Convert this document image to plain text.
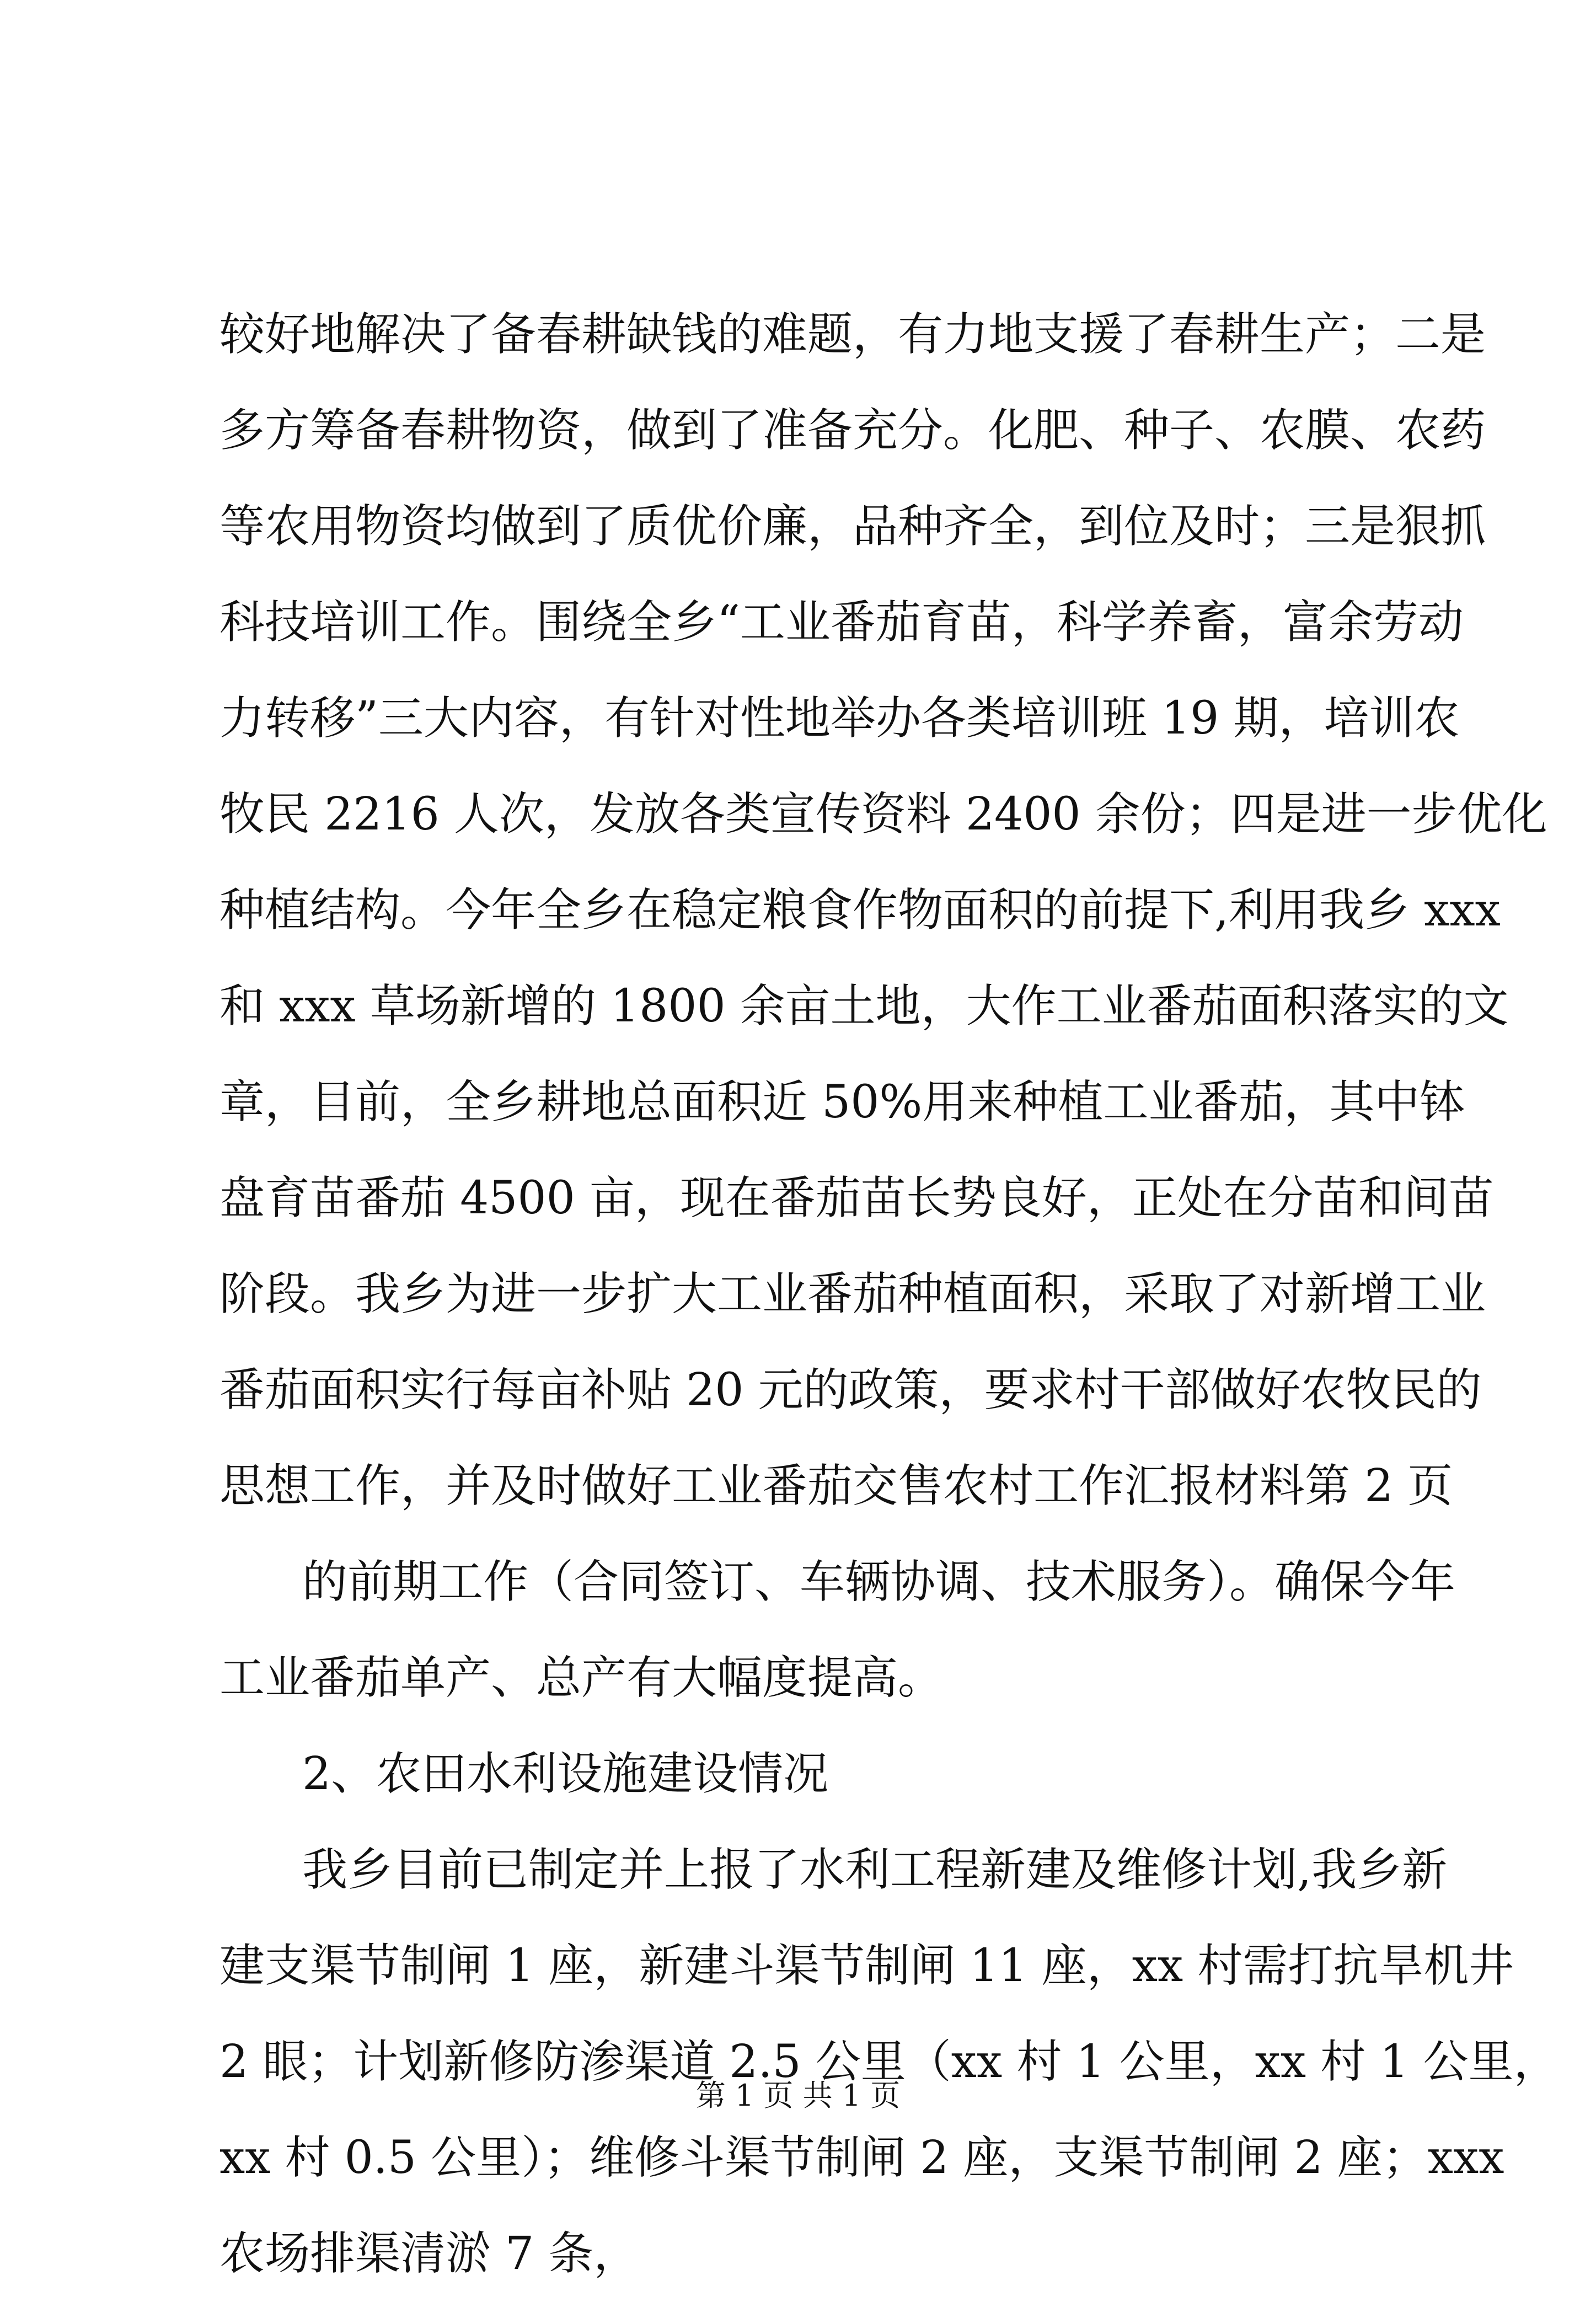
较好地解决了备春耕缺钱的难题，有力地支援了春耕生产；二是
多方筹备春耕物资，做到了准备充分。化肥、种子、农膜、农药
等农用物资均做到了质优价廉，品种齐全，到位及时；三是狠抓
科技培训工作。围绕全乡“工业番茄育苗，科学养畜，富余劳动
力转移”三大内容，有针对性地举办各类培训班 19 期，培训农
牧民 2216 人次，发放各类宣传资料 2400 余份；四是进一步优化
种植结构。今年全乡在稳定粮食作物面积的前提下,利用我乡 xxx
和 xxx 草场新增的 1800 余亩土地，大作工业番茄面积落实的文
章，目前，全乡耕地总面积近 50%用来种植工业番茄，其中钵
盘育苗番茄 4500 亩，现在番茄苗长势良好，正处在分苗和间苗
阶段。我乡为进一步扩大工业番茄种植面积，采取了对新增工业
番茄面积实行每亩补贴 20 元的政策，要求村干部做好农牧民的
思想工作，并及时做好工业番茄交售农村工作汇报材料第 2 页
的前期工作（合同签订、车辆协调、技术服务）。确保今年
工业番茄单产、总产有大幅度提高。
2、农田水利设施建设情况
我乡目前已制定并上报了水利工程新建及维修计划,我乡新
建支渠节制闸 1 座，新建斗渠节制闸 11 座，xx 村需打抗旱机井
2 眼；计划新修防渗渠道 2.5 公里（xx 村 1 公里，xx 村 1 公里，
xx 村 0.5 公里）；维修斗渠节制闸 2 座，支渠节制闸 2 座；xxx
农场排渠清淤 7 条，
第 1 页 共 1 页
